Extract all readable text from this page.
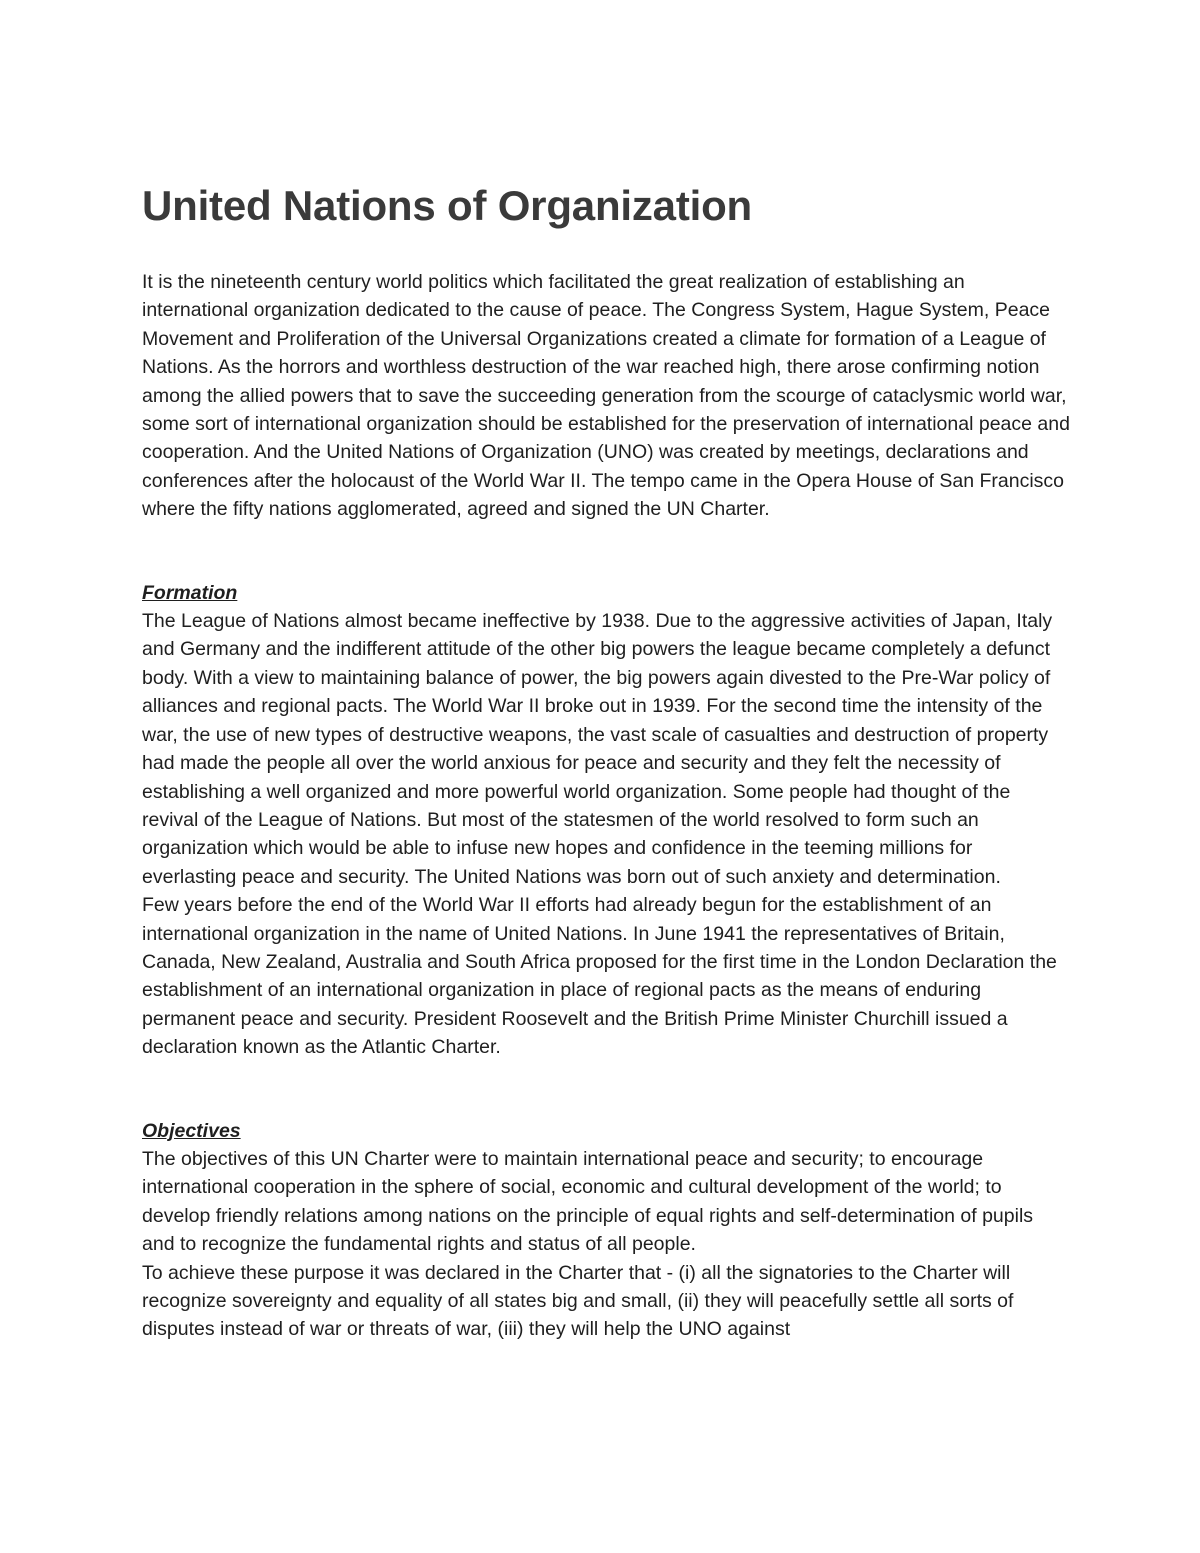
United Nations of Organization

It is the nineteenth century world politics which facilitated the great realization of establishing an international organization dedicated to the cause of peace. The Congress System, Hague System, Peace Movement and Proliferation of the Universal Organizations created a climate for formation of a League of Nations. As the horrors and worthless destruction of the war reached high, there arose confirming notion among the allied powers that to save the succeeding generation from the scourge of cataclysmic world war, some sort of international organization should be established for the preservation of international peace and cooperation. And the United Nations of Organization (UNO) was created by meetings, declarations and conferences after the holocaust of the World War II. The tempo came in the Opera House of San Francisco where the fifty nations agglomerated, agreed and signed the UN Charter.

Formation

The League of Nations almost became ineffective by 1938. Due to the aggressive activities of Japan, Italy and Germany and the indifferent attitude of the other big powers the league became completely a defunct body. With a view to maintaining balance of power, the big powers again divested to the Pre-War policy of alliances and regional pacts. The World War II broke out in 1939. For the second time the intensity of the war, the use of new types of destructive weapons, the vast scale of casualties and destruction of property had made the people all over the world anxious for peace and security and they felt the necessity of establishing a well organized and more powerful world organization. Some people had thought of the revival of the League of Nations. But most of the statesmen of the world resolved to form such an organization which would be able to infuse new hopes and confidence in the teeming millions for everlasting peace and security. The United Nations was born out of such anxiety and determination.

Few years before the end of the World War II efforts had already begun for the establishment of an international organization in the name of United Nations. In June 1941 the representatives of Britain, Canada, New Zealand, Australia and South Africa proposed for the first time in the London Declaration the establishment of an international organization in place of regional pacts as the means of enduring permanent peace and security. President Roosevelt and the British Prime Minister Churchill issued a declaration known as the Atlantic Charter.

Objectives

The objectives of this UN Charter were to maintain international peace and security; to encourage international cooperation in the sphere of social, economic and cultural development of the world; to develop friendly relations among nations on the principle of equal rights and self-determination of pupils and to recognize the fundamental rights and status of all people.

To achieve these purpose it was declared in the Charter that - (i) all the signatories to the Charter will recognize sovereignty and equality of all states big and small, (ii) they will peacefully settle all sorts of disputes instead of war or threats of war, (iii) they will help the UNO against
